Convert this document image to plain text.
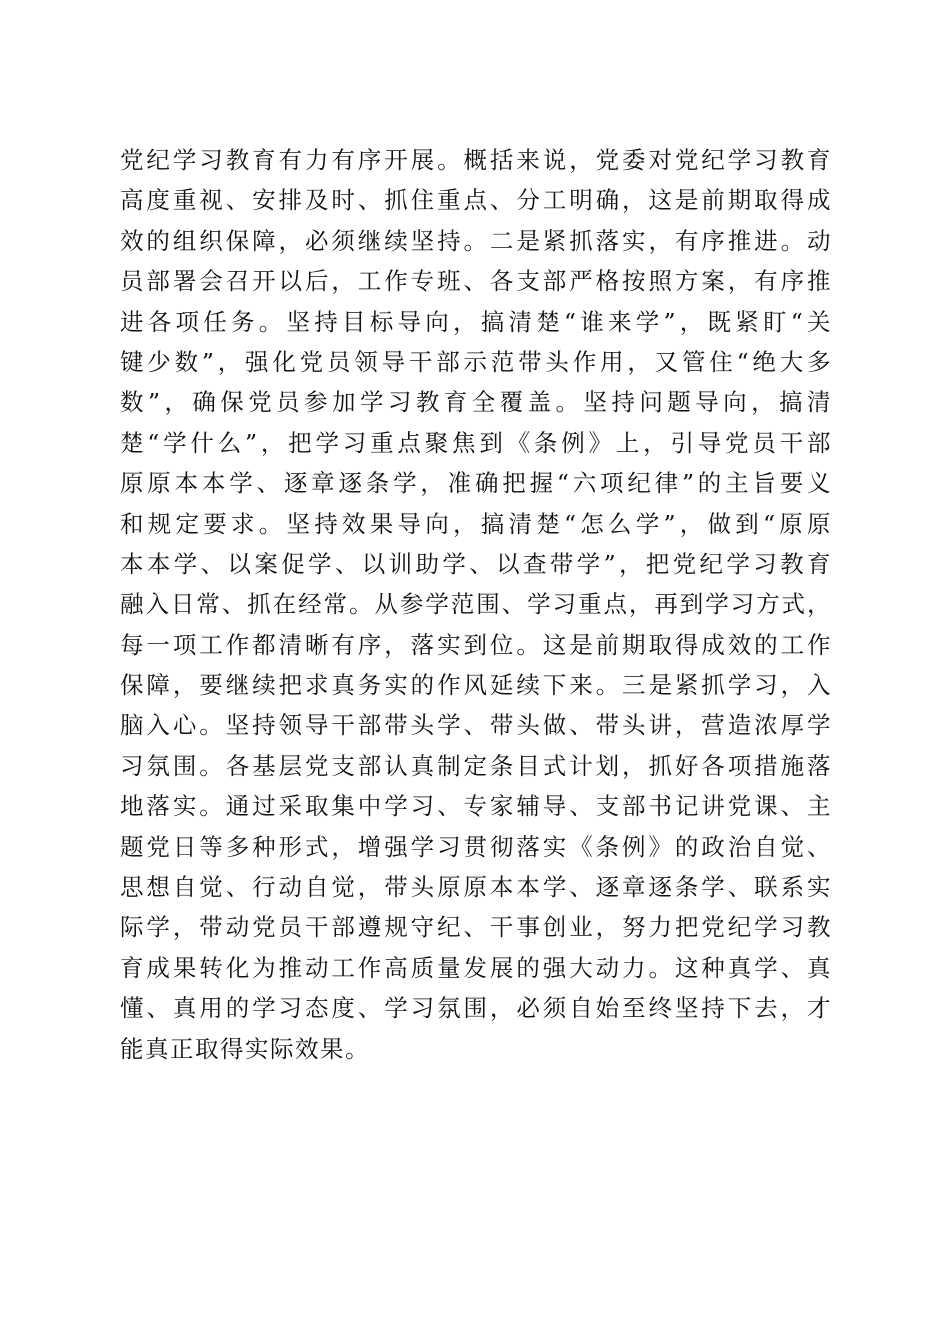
党纪学习教育有力有序开展。概括来说，党委对党纪学习教育
高度重视、安排及时、抓住重点、分工明确，这是前期取得成
效的组织保障，必须继续坚持。二是紧抓落实，有序推进。动
员部署会召开以后，工作专班、各支部严格按照方案，有序推
进各项任务。坚持目标导向，搞清楚“谁来学”，既紧盯“关
键少数”，强化党员领导干部示范带头作用，又管住“绝大多
数”，确保党员参加学习教育全覆盖。坚持问题导向，搞清
楚“学什么”，把学习重点聚焦到《条例》上，引导党员干部
原原本本学、逐章逐条学，准确把握“六项纪律”的主旨要义
和规定要求。坚持效果导向，搞清楚“怎么学”，做到“原原
本本学、以案促学、以训助学、以查带学”，把党纪学习教育
融入日常、抓在经常。从参学范围、学习重点，再到学习方式，
每一项工作都清晰有序，落实到位。这是前期取得成效的工作
保障，要继续把求真务实的作风延续下来。三是紧抓学习，入
脑入心。坚持领导干部带头学、带头做、带头讲，营造浓厚学
习氛围。各基层党支部认真制定条目式计划，抓好各项措施落
地落实。通过采取集中学习、专家辅导、支部书记讲党课、主
题党日等多种形式，增强学习贯彻落实《条例》的政治自觉、
思想自觉、行动自觉，带头原原本本学、逐章逐条学、联系实
际学，带动党员干部遵规守纪、干事创业，努力把党纪学习教
育成果转化为推动工作高质量发展的强大动力。这种真学、真
懂、真用的学习态度、学习氛围，必须自始至终坚持下去，才
能真正取得实际效果。
